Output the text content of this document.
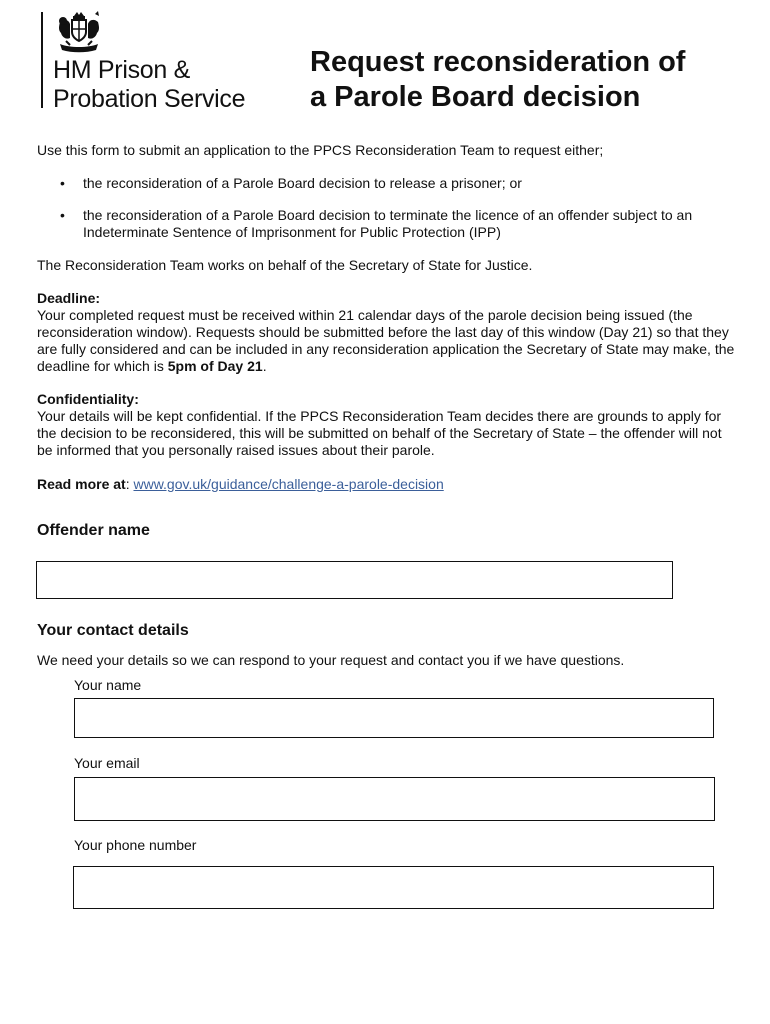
HM Prison &
Probation Service
Request reconsideration of
a Parole Board decision
Use this form to submit an application to the PPCS Reconsideration Team to request either;
• the reconsideration of a Parole Board decision to release a prisoner; or
• the reconsideration of a Parole Board decision to terminate the licence of an offender subject to an Indeterminate Sentence of Imprisonment for Public Protection (IPP)
The Reconsideration Team works on behalf of the Secretary of State for Justice.
Deadline:
Your completed request must be received within 21 calendar days of the parole decision being issued (the reconsideration window). Requests should be submitted before the last day of this window (Day 21) so that they are fully considered and can be included in any reconsideration application the Secretary of State may make, the deadline for which is 5pm of Day 21.
Confidentiality:
Your details will be kept confidential. If the PPCS Reconsideration Team decides there are grounds to apply for the decision to be reconsidered, this will be submitted on behalf of the Secretary of State – the offender will not be informed that you personally raised issues about their parole.
Read more at: www.gov.uk/guidance/challenge-a-parole-decision
Offender name
Your contact details
We need your details so we can respond to your request and contact you if we have questions.
Your name
Your email
Your phone number
